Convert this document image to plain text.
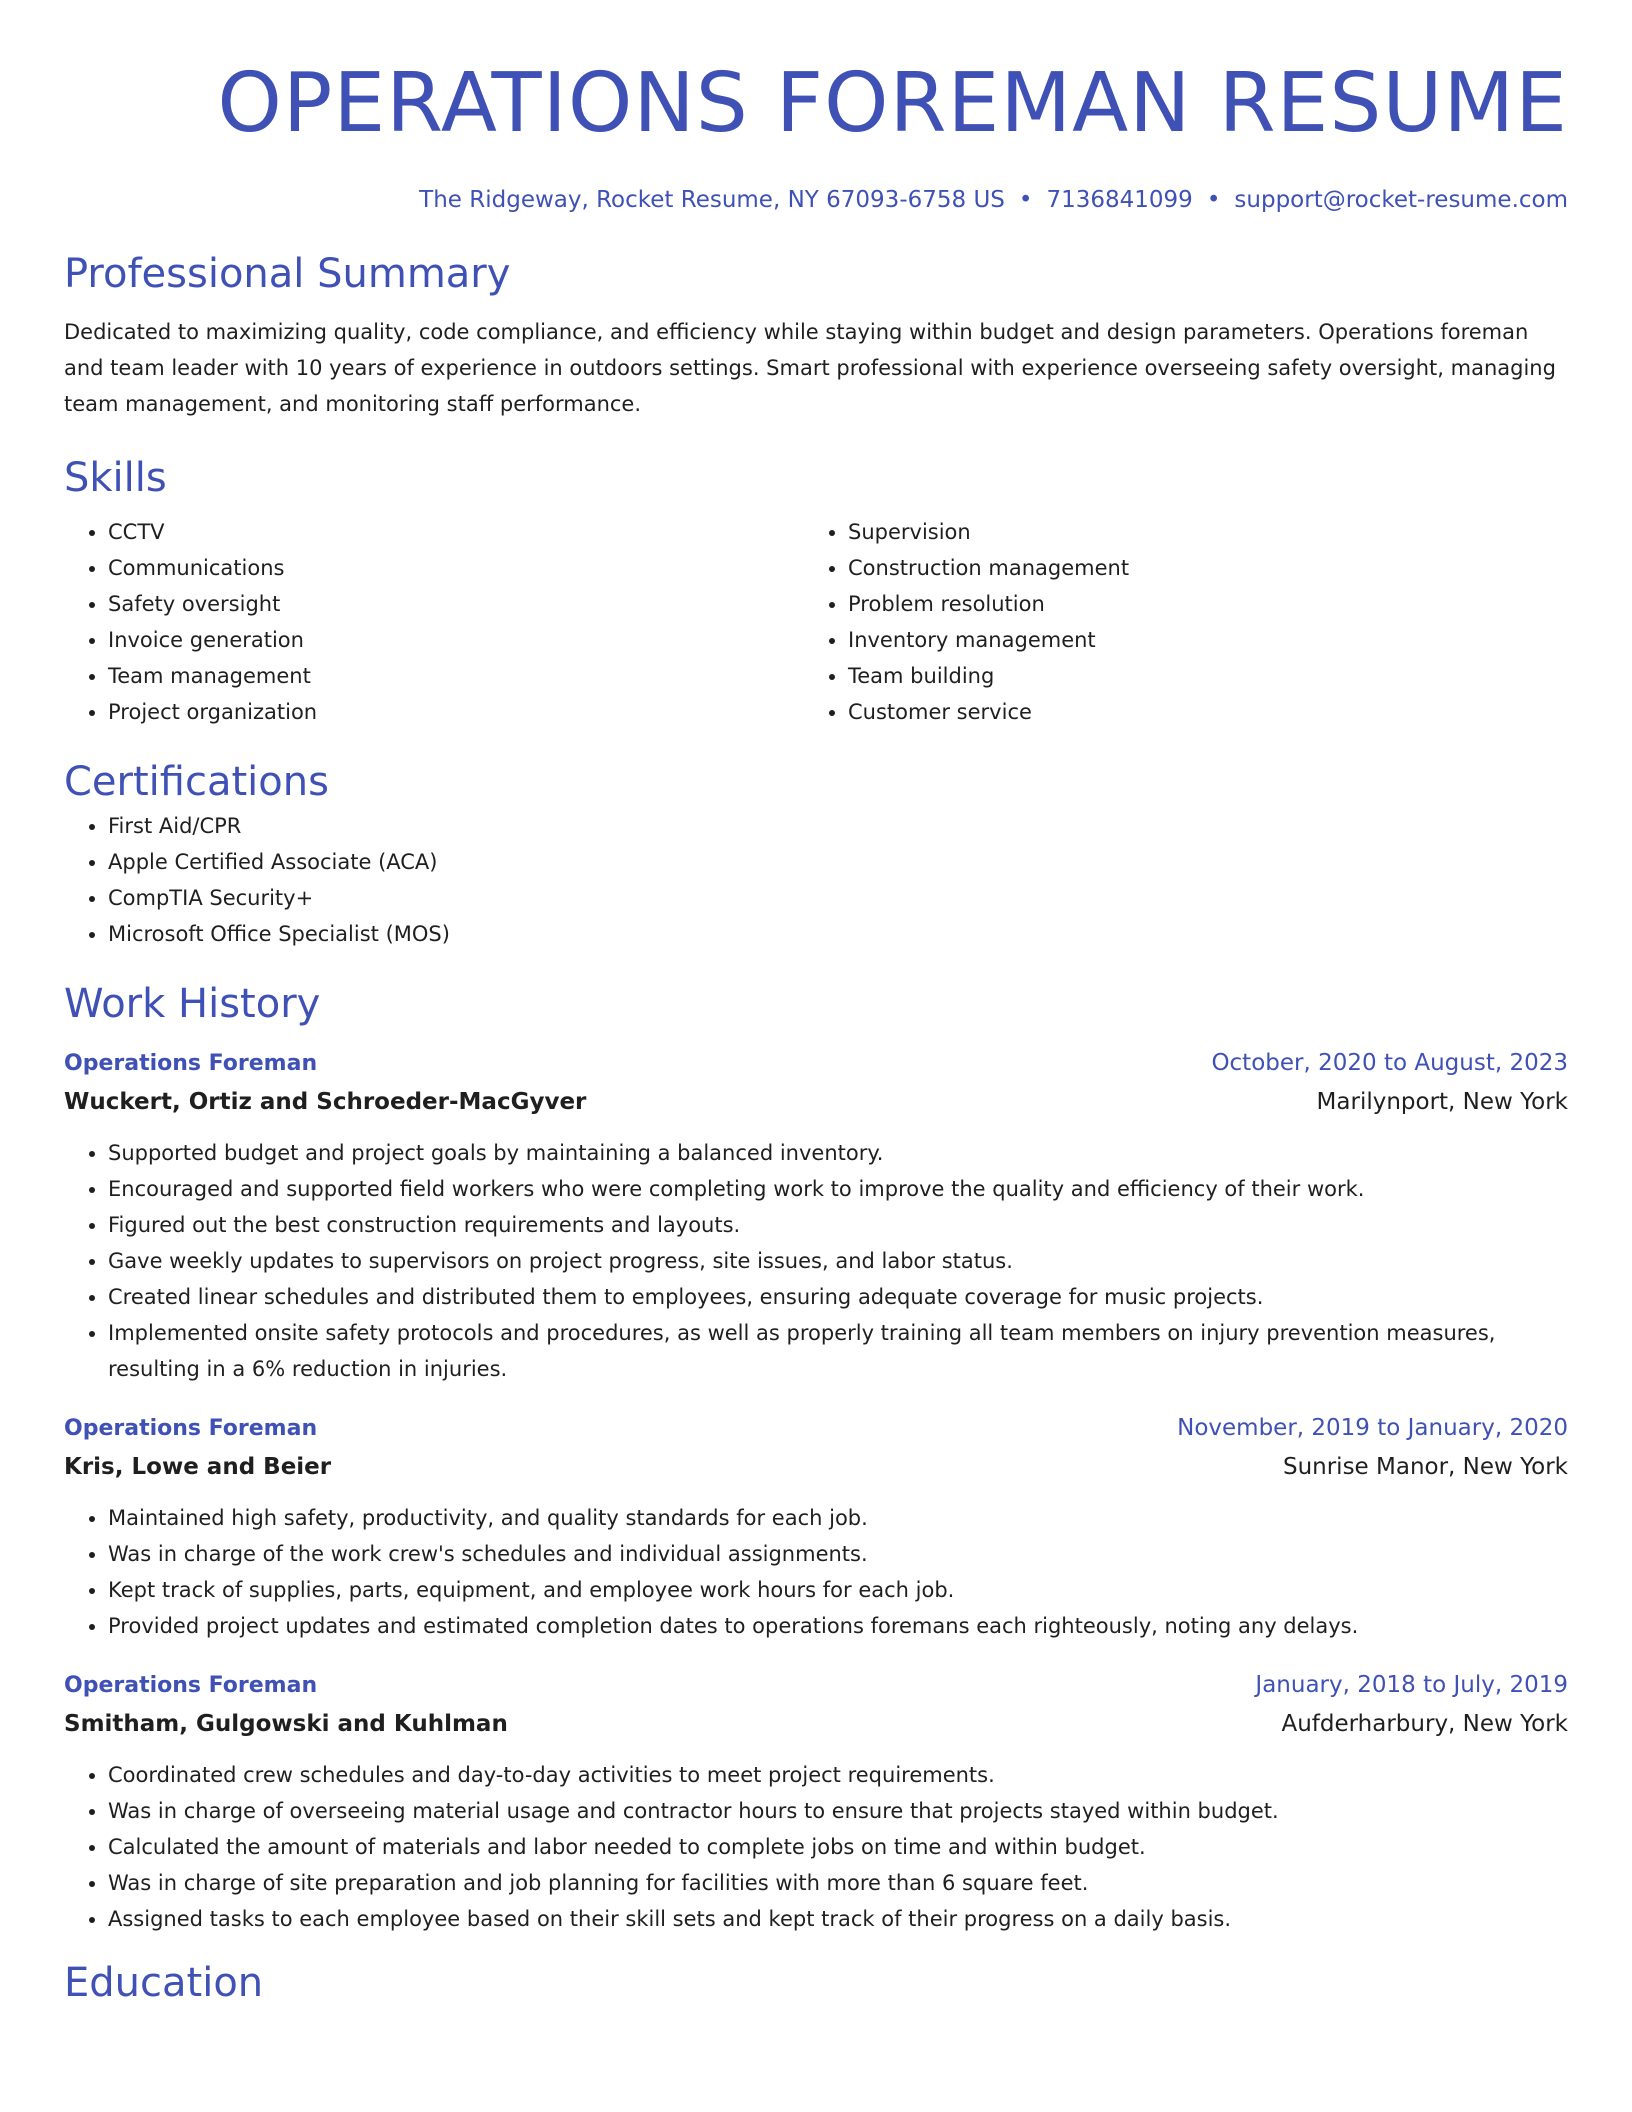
OPERATIONS FOREMAN RESUME
The Ridgeway, Rocket Resume, NY 67093-6758 US • 7136841099 • support@rocket-resume.com
Professional Summary
Dedicated to maximizing quality, code compliance, and efficiency while staying within budget and design parameters. Operations foreman and team leader with 10 years of experience in outdoors settings. Smart professional with experience overseeing safety oversight, managing team management, and monitoring staff performance.
Skills
• CCTV
• Communications
• Safety oversight
• Invoice generation
• Team management
• Project organization
• Supervision
• Construction management
• Problem resolution
• Inventory management
• Team building
• Customer service
Certifications
• First Aid/CPR
• Apple Certified Associate (ACA)
• CompTIA Security+
• Microsoft Office Specialist (MOS)
Work History
Operations Foreman	October, 2020 to August, 2023
Wuckert, Ortiz and Schroeder-MacGyver	Marilynport, New York
• Supported budget and project goals by maintaining a balanced inventory.
• Encouraged and supported field workers who were completing work to improve the quality and efficiency of their work.
• Figured out the best construction requirements and layouts.
• Gave weekly updates to supervisors on project progress, site issues, and labor status.
• Created linear schedules and distributed them to employees, ensuring adequate coverage for music projects.
• Implemented onsite safety protocols and procedures, as well as properly training all team members on injury prevention measures, resulting in a 6% reduction in injuries.
Operations Foreman	November, 2019 to January, 2020
Kris, Lowe and Beier	Sunrise Manor, New York
• Maintained high safety, productivity, and quality standards for each job.
• Was in charge of the work crew's schedules and individual assignments.
• Kept track of supplies, parts, equipment, and employee work hours for each job.
• Provided project updates and estimated completion dates to operations foremans each righteously, noting any delays.
Operations Foreman	January, 2018 to July, 2019
Smitham, Gulgowski and Kuhlman	Aufderharbury, New York
• Coordinated crew schedules and day-to-day activities to meet project requirements.
• Was in charge of overseeing material usage and contractor hours to ensure that projects stayed within budget.
• Calculated the amount of materials and labor needed to complete jobs on time and within budget.
• Was in charge of site preparation and job planning for facilities with more than 6 square feet.
• Assigned tasks to each employee based on their skill sets and kept track of their progress on a daily basis.
Education
